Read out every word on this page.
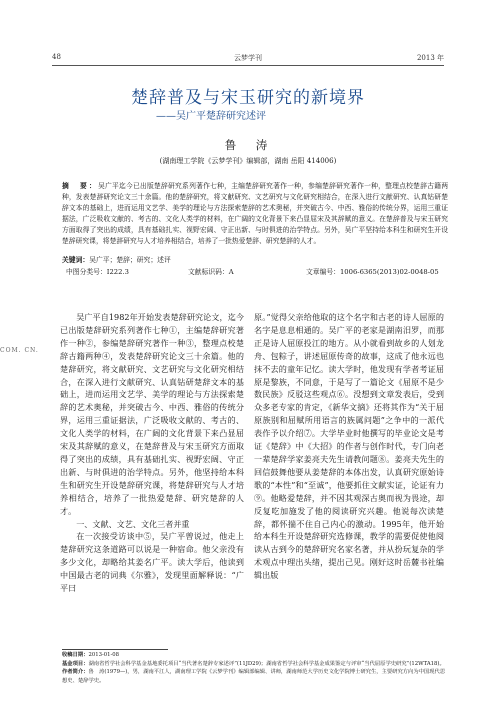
48	云梦学刊	2013 年
楚辞普及与宋玉研究的新境界
——吴广平楚辞研究述评
鲁　涛
(湖南理工学院《云梦学刊》编辑部，湖南 岳阳 414006)
摘　要：吴广平迄今已出版楚辞研究系列著作七种，主编楚辞研究著作一种，参编楚辞研究著作一种，整理点校楚辞古籍两种，发表楚辞研究论文三十余篇。他的楚辞研究，将文献研究、文艺研究与文化研究相结合，在深入进行文献研究、认真钻研楚辞文本的基础上，进而运用文艺学、美学的理论与方法探索楚辞的艺术奥秘，并突破古今、中西、雅俗的传统分界，运用三重证据法，广泛吸收文献的、考古的、文化人类学的材料，在广阔的文化背景下来凸显屈宋及其辞赋的意义。在楚辞普及与宋玉研究方面取得了突出的成绩，具有基础扎实、视野宏阔、守正出新、与时俱进的治学特点。另外，吴广平坚持给本科生和研究生开设楚辞研究课，将楚辞研究与人才培养相结合，培养了一批热爱楚辞、研究楚辞的人才。
关键词：吴广平；楚辞；研究；述评
中图分类号：I222.3	文献标识码：A	文章编号：1006-6365(2013)02-0048-05
COM. CN.

吴广平自1982年开始发表楚辞研究论文，迄今已出版楚辞研究系列著作七种①，主编楚辞研究著作一种②，参编楚辞研究著作一种③，整理点校楚辞古籍两种④，发表楚辞研究论文三十余篇。他的楚辞研究，将文献研究、文艺研究与文化研究相结合，在深入进行文献研究、认真钻研楚辞文本的基础上，进而运用文艺学、美学的理论与方法探索楚辞的艺术奥秘，并突破古今、中西、雅俗的传统分界，运用三重证据法，广泛吸收文献的、考古的、文化人类学的材料，在广阔的文化背景下来凸显屈宋及其辞赋的意义，在楚辞普及与宋玉研究方面取得了突出的成绩，具有基础扎实、视野宏阔、守正出新、与时俱进的治学特点。另外，他坚持给本科生和研究生开设楚辞研究课，将楚辞研究与人才培养相结合，培养了一批热爱楚辞、研究楚辞的人才。

一、文献、文艺、文化三者并重

在一次接受访谈中⑤，吴广平曾说过，他走上楚辞研究这条道路可以说是一种宿命。他父亲没有多少文化，却略给其姜名广平。读大学后，他读到中国最古老的词典《尔雅》，发现里面解释说：“广平曰

原。”觉得父亲给他取的这个名字和古老的诗人屈原的名字是息息相通的。吴广平的老家是湖南汨罗，而那正是诗人屈原投江的地方。从小就看到故乡的人划龙舟、包粽子，讲述屈原传奇的故事，这成了他永远也抹不去的童年记忆。读大学时，他发现有学者考证屈原是黎族，不同意，于是写了一篇论文《屈原不是少数民族》反驳这些观点⑥。没想到文章发表后，受到众多老专家的肯定，《新华文摘》还将其作为“关于屈原族别和屈赋所用语言的族属问题”之争中的一派代表作予以介绍⑦。大学毕业时他撰写的毕业论文是考证《楚辞》中《大招》的作者与创作时代，专门向老一辈楚辞学家姜亮夫先生请教问题⑧。姜亮夫先生的回信鼓舞他要从姜楚辞的本体出发，认真研究原始诗歌的“本性”和“至诚”，他要抓住文献实证，论证有力⑨。他略爱楚辞，并不因其观深古奥而视为畏途，却反复吃加施发了他的阅读研究兴趣。他说每次读楚辞，都怀揣不住自己内心的激动。1995年，他开始给本科生开设楚辞研究选修课，教学的需要促使他阅读从古到今的楚辞研究名家名著，并从扮玩复杂的学术观点中理出头绪，提出己见。刚好这时岳麓书社编辑出版

收稿日期：2013-01-08

基金项目：湖南省哲学社会科学基金基地委托项目“当代著名楚辞专家述评”(11JD29)；湖南省哲学社会科学基金成果鉴定与评审“当代屈原学史研究”(12WTA18)。

作者简介：鲁　涛(1979—)，男，湖南平江人，湖南理工学院《云梦学刊》编辑部编辑、讲师，湖南师范大学历史文化学院博士研究生，主要研究方向为中国现代思想史、楚辞学史。
